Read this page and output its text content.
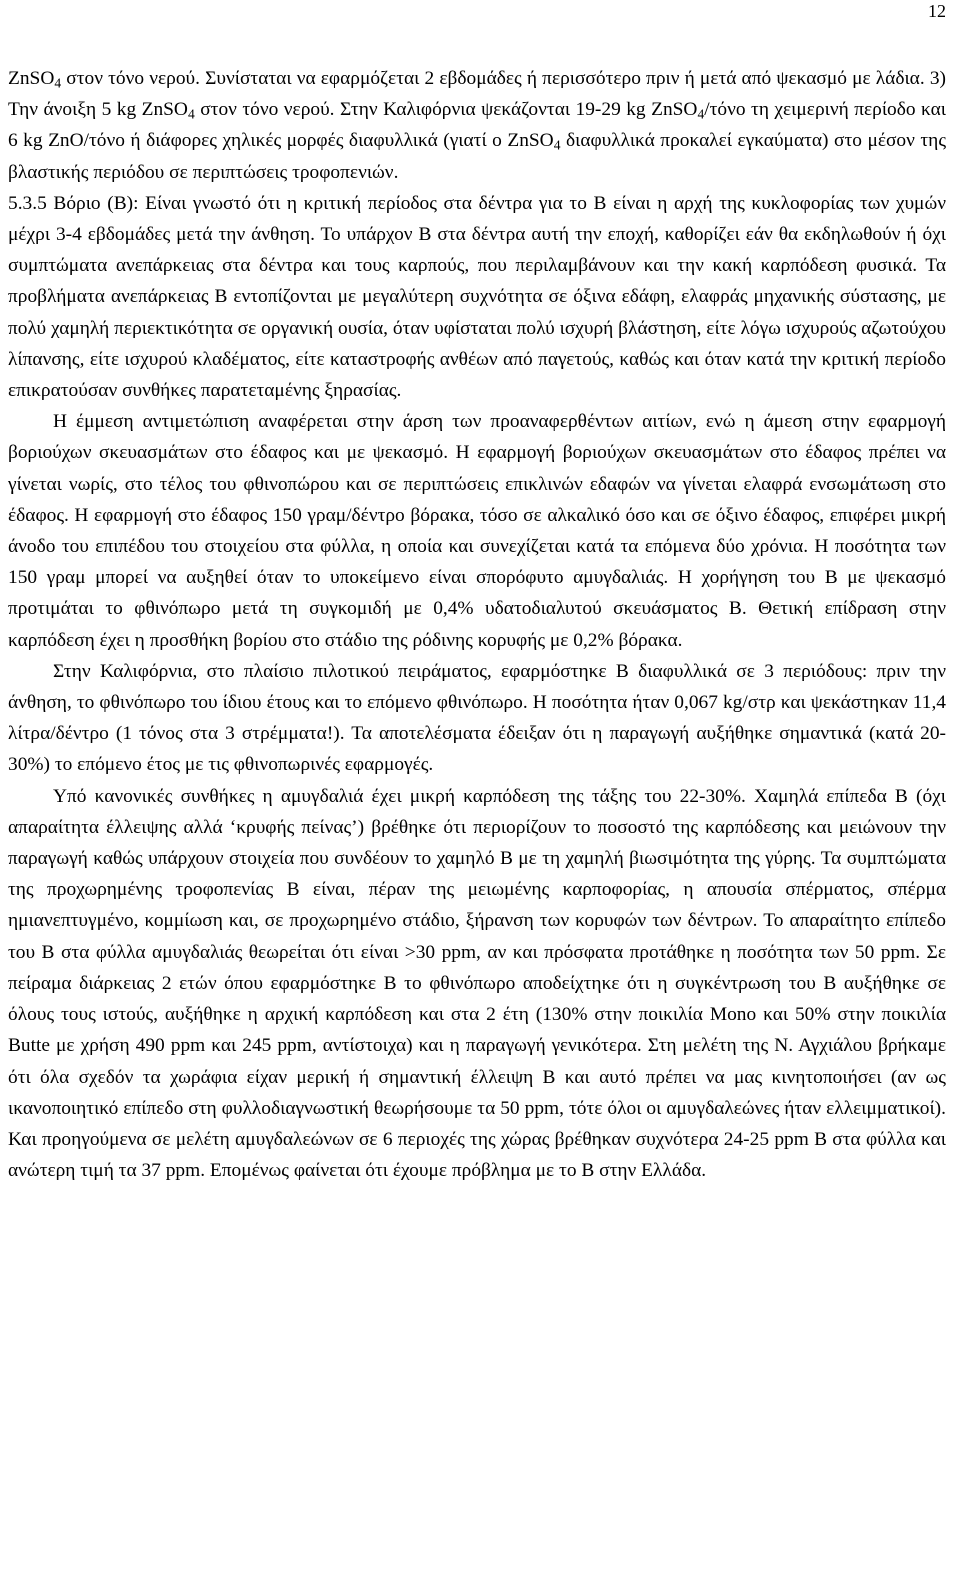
12

ZnSO$_4$ στον τόνο νερού. Συνίσταται να εφαρμόζεται 2 εβδομάδες ή περισσότερο πριν ή μετά από ψεκασμό με λάδια. 3) Την άνοιξη 5 kg ZnSO$_4$ στον τόνο νερού. Στην Καλιφόρνια ψεκάζονται 19-29 kg ZnSO$_4$/τόνο τη χειμερινή περίοδο και 6 kg ZnO/τόνο ή διάφορες χηλικές μορφές διαφυλλικά (γιατί ο ZnSO$_4$ διαφυλλικά προκαλεί εγκαύματα) στο μέσον της βλαστικής περιόδου σε περιπτώσεις τροφοπενιών.

5.3.5 Βόριο (Β): Είναι γνωστό ότι η κριτική περίοδος στα δέντρα για το Β είναι η αρχή της κυκλοφορίας των χυμών μέχρι 3-4 εβδομάδες μετά την άνθηση. Το υπάρχον Β στα δέντρα αυτή την εποχή, καθορίζει εάν θα εκδηλωθούν ή όχι συμπτώματα ανεπάρκειας στα δέντρα και τους καρπούς, που περιλαμβάνουν και την κακή καρπόδεση φυσικά. Τα προβλήματα ανεπάρκειας Β εντοπίζονται με μεγαλύτερη συχνότητα σε όξινα εδάφη, ελαφράς μηχανικής σύστασης, με πολύ χαμηλή περιεκτικότητα σε οργανική ουσία, όταν υφίσταται πολύ ισχυρή βλάστηση, είτε λόγω ισχυρούς αζωτούχου λίπανσης, είτε ισχυρού κλαδέματος, είτε καταστροφής ανθέων από παγετούς, καθώς και όταν κατά την κριτική περίοδο επικρατούσαν συνθήκες παρατεταμένης ξηρασίας.

Η έμμεση αντιμετώπιση αναφέρεται στην άρση των προαναφερθέντων αιτίων, ενώ η άμεση στην εφαρμογή βοριούχων σκευασμάτων στο έδαφος και με ψεκασμό. Η εφαρμογή βοριούχων σκευασμάτων στο έδαφος πρέπει να γίνεται νωρίς, στο τέλος του φθινοπώρου και σε περιπτώσεις επικλινών εδαφών να γίνεται ελαφρά ενσωμάτωση στο έδαφος. Η εφαρμογή στο έδαφος 150 γραμ/δέντρο βόρακα, τόσο σε αλκαλικό όσο και σε όξινο έδαφος, επιφέρει μικρή άνοδο του επιπέδου του στοιχείου στα φύλλα, η οποία και συνεχίζεται κατά τα επόμενα δύο χρόνια. Η ποσότητα των 150 γραμ μπορεί να αυξηθεί όταν το υποκείμενο είναι σπορόφυτο αμυγδαλιάς. Η χορήγηση του Β με ψεκασμό προτιμάται το φθινόπωρο μετά τη συγκομιδή με 0,4% υδατοδιαλυτού σκευάσματος Β. Θετική επίδραση στην καρπόδεση έχει η προσθήκη βορίου στο στάδιο της ρόδινης κορυφής με 0,2% βόρακα.

Στην Καλιφόρνια, στο πλαίσιο πιλοτικού πειράματος, εφαρμόστηκε Β διαφυλλικά σε 3 περιόδους: πριν την άνθηση, το φθινόπωρο του ίδιου έτους και το επόμενο φθινόπωρο. Η ποσότητα ήταν 0,067 kg/στρ και ψεκάστηκαν 11,4 λίτρα/δέντρο (1 τόνος στα 3 στρέμματα!). Τα αποτελέσματα έδειξαν ότι η παραγωγή αυξήθηκε σημαντικά (κατά 20-30%) το επόμενο έτος με τις φθινοπωρινές εφαρμογές.

Υπό κανονικές συνθήκες η αμυγδαλιά έχει μικρή καρπόδεση της τάξης του 22-30%. Χαμηλά επίπεδα Β (όχι απαραίτητα έλλειψης αλλά ‘κρυφής πείνας’) βρέθηκε ότι περιορίζουν το ποσοστό της καρπόδεσης και μειώνουν την παραγωγή καθώς υπάρχουν στοιχεία που συνδέουν το χαμηλό Β με τη χαμηλή βιωσιμότητα της γύρης. Τα συμπτώματα της προχωρημένης τροφοπενίας Β είναι, πέραν της μειωμένης καρποφορίας, η απουσία σπέρματος, σπέρμα ημιανεπτυγμένο, κομμίωση και, σε προχωρημένο στάδιο, ξήρανση των κορυφών των δέντρων. Το απαραίτητο επίπεδο του Β στα φύλλα αμυγδαλιάς θεωρείται ότι είναι >30 ppm, αν και πρόσφατα προτάθηκε η ποσότητα των 50 ppm. Σε πείραμα διάρκειας 2 ετών όπου εφαρμόστηκε Β το φθινόπωρο αποδείχτηκε ότι η συγκέντρωση του Β αυξήθηκε σε όλους τους ιστούς, αυξήθηκε η αρχική καρπόδεση και στα 2 έτη (130% στην ποικιλία Mono και 50% στην ποικιλία Butte με χρήση 490 ppm και 245 ppm, αντίστοιχα) και η παραγωγή γενικότερα. Στη μελέτη της Ν. Αγχιάλου βρήκαμε ότι όλα σχεδόν τα χωράφια είχαν μερική ή σημαντική έλλειψη Β και αυτό πρέπει να μας κινητοποιήσει (αν ως ικανοποιητικό επίπεδο στη φυλλοδιαγνωστική θεωρήσουμε τα 50 ppm, τότε όλοι οι αμυγδαλεώνες ήταν ελλειμματικοί). Και προηγούμενα σε μελέτη αμυγδαλεώνων σε 6 περιοχές της χώρας βρέθηκαν συχνότερα 24-25 ppm Β στα φύλλα και ανώτερη τιμή τα 37 ppm. Επομένως φαίνεται ότι έχουμε πρόβλημα με το Β στην Ελλάδα.
